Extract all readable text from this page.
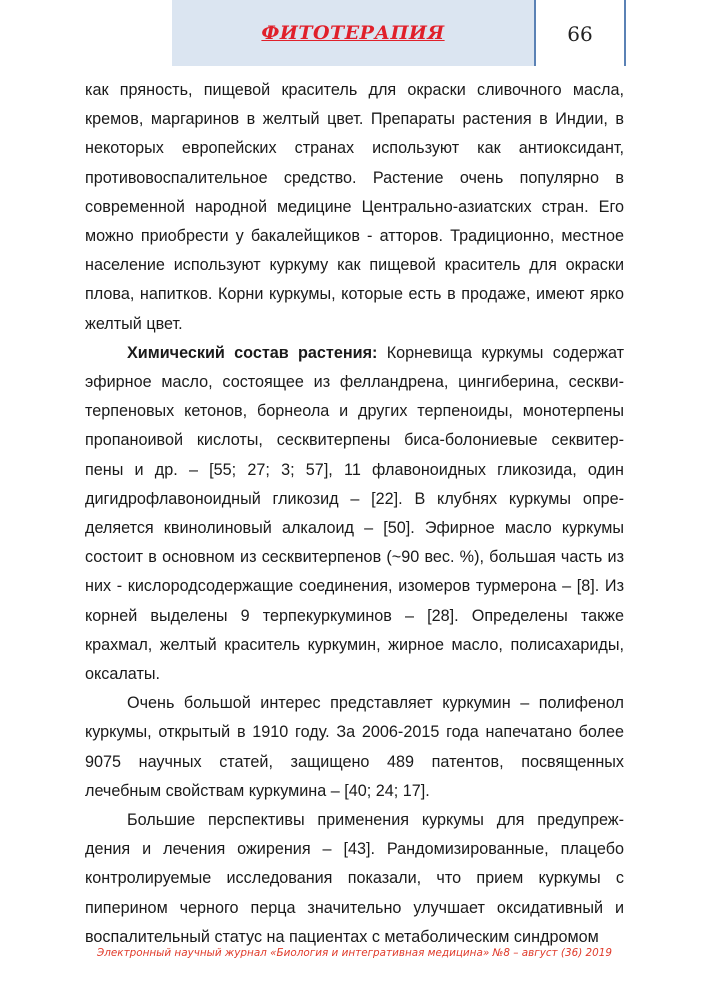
ФИТОТЕРАПИЯ	66

как пряность, пищевой краситель для окраски сливочного масла, кремов, маргаринов в желтый цвет. Препараты растения в Индии, в некоторых европейских странах используют как антиоксидант, противовоспалительное средство. Растение очень популярно в современной народной медицине Центрально-азиатских стран. Его можно приобрести у бакалейщиков - атторов. Традиционно, местное население используют куркуму как пищевой краситель для окраски плова, напитков. Корни куркумы, которые есть в продаже, имеют ярко желтый цвет.

Химический состав растения: Корневища куркумы содержат эфирное масло, состоящее из фелландрена, цингиберина, сескви-терпеновых кетонов, борнеола и других терпеноиды, монотерпены пропаноивой кислоты, сесквитерпены биса-болониевые секвитер-пены и др. – [55; 27; 3; 57], 11 флавоноидных гликозида, один дигидрофлавоноидный гликозид – [22]. В клубнях куркумы опре-деляется квинолиновый алкалоид – [50]. Эфирное масло куркумы состоит в основном из сесквитерпенов (~90 вес. %), большая часть из них - кислородсодержащие соединения, изомеров турмерона – [8]. Из корней выделены 9 терпекуркуминов – [28]. Определены также крахмал, желтый краситель куркумин, жирное масло, полисахариды, оксалаты.

Очень большой интерес представляет куркумин – полифенол куркумы, открытый в 1910 году. За 2006-2015 года напечатано более 9075 научных статей, защищено 489 патентов, посвященных лечебным свойствам куркумина – [40; 24; 17].

Большие перспективы применения куркумы для предупреж-дения и лечения ожирения – [43]. Рандомизированные, плацебо контролируемые исследования показали, что прием куркумы с пиперином черного перца значительно улучшает оксидативный и воспалительный статус на пациентах с метаболическим синдромом

Электронный научный журнал «Биология и интегративная медицина» №8 – август (36) 2019
